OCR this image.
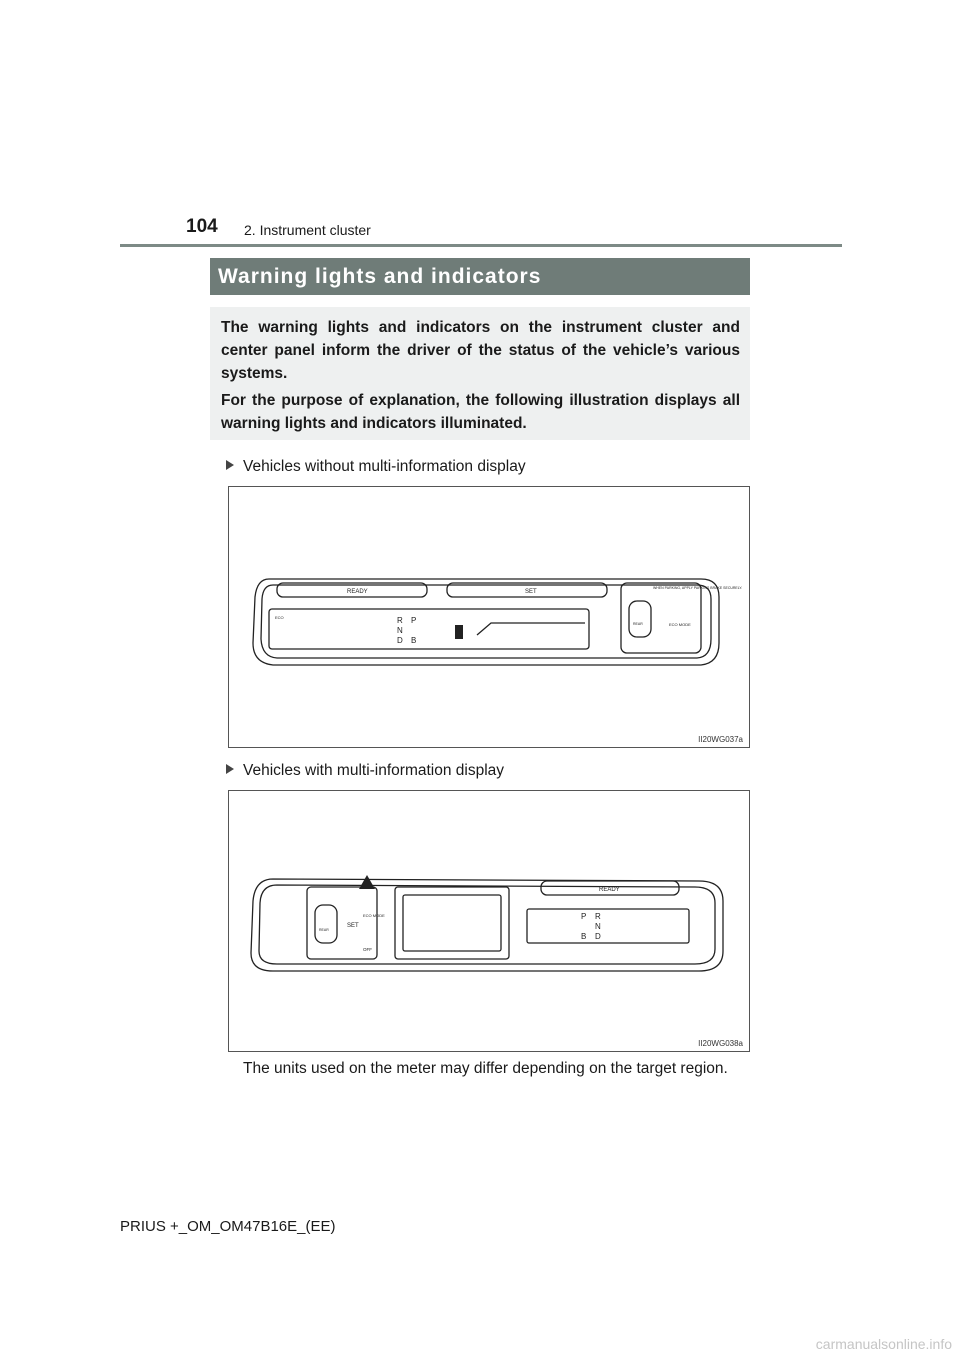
104 2. Instrument cluster
Warning lights and indicators

The warning lights and indicators on the instrument cluster and center panel inform the driver of the status of the vehicle’s various systems.

For the purpose of explanation, the following illustration displays all warning lights and indicators illuminated.

Vehicles without multi-information display
READY	SET
ECO
ECO MODE
REAR
WHEN PARKING, APPLY PARKING BRAKE SECURELY.
R P
N
D B
II20WG037a
Vehicles with multi-information display
READY
SET
ECO MODE
REAR
OFF
P R
N
D
B
II20WG038a
The units used on the meter may differ depending on the target region.
PRIUS +_OM_OM47B16E_(EE)
carmanualsonline.info
